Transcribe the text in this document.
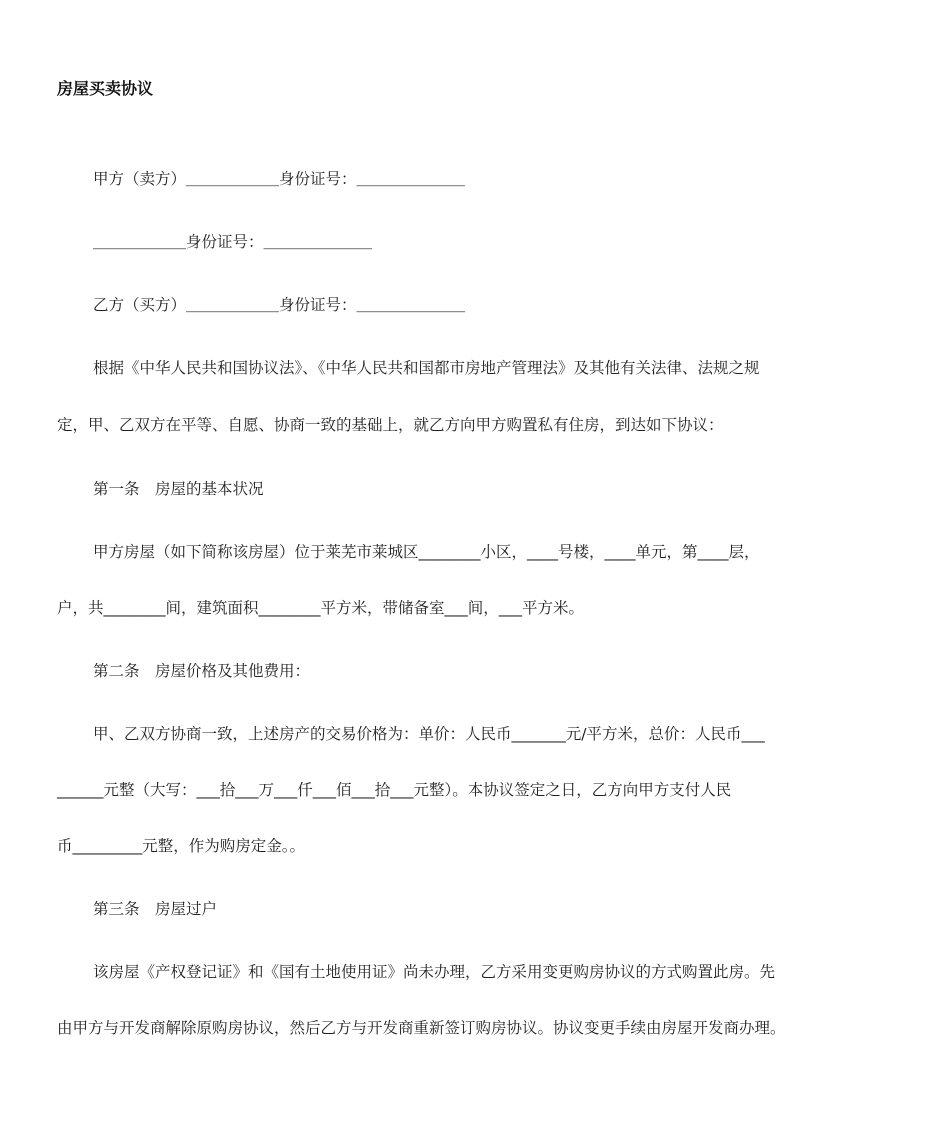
房屋买卖协议
甲方（卖方）＿＿＿＿＿＿身份证号：＿＿＿＿＿＿＿
＿＿＿＿＿＿身份证号：＿＿＿＿＿＿＿
乙方（买方）＿＿＿＿＿＿身份证号：＿＿＿＿＿＿＿
根据《中华人民共和国协议法》、《中华人民共和国都市房地产管理法》及其他有关法律、法规之规
定，甲、乙双方在平等、自愿、协商一致的基础上，就乙方向甲方购置私有住房，到达如下协议：
第一条　房屋的基本状况
甲方房屋（如下简称该房屋）位于莱芜市莱城区________小区，____号楼，____单元，第____层，
户，共________间，建筑面积________平方米，带储备室___间，___平方米。
第二条　房屋价格及其他费用：
甲、乙双方协商一致，上述房产的交易价格为：单价：人民币_______元/平方米，总价：人民币___
______元整（大写：___拾___万___仟___佰___拾___元整）。本协议签定之日，乙方向甲方支付人民
币_________元整，作为购房定金。。
第三条　房屋过户
该房屋《产权登记证》和《国有土地使用证》尚未办理，乙方采用变更购房协议的方式购置此房。先
由甲方与开发商解除原购房协议，然后乙方与开发商重新签订购房协议。协议变更手续由房屋开发商办理。
